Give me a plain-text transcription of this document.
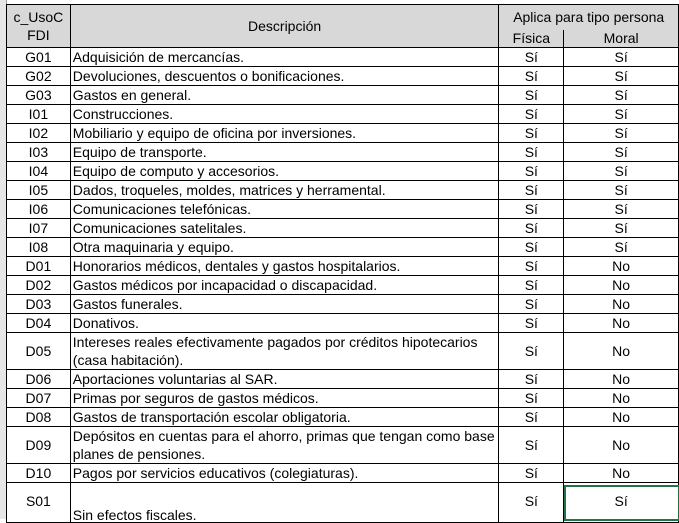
c_UsoC
FDI	Descripción	Aplica para tipo persona	
		Física	Moral
G01	Adquisición de mercancías.	Sí	Sí
G02	Devoluciones, descuentos o bonificaciones.	Sí	Sí
G03	Gastos en general.	Sí	Sí
I01	Construcciones.	Sí	Sí
I02	Mobiliario y equipo de oficina por inversiones.	Sí	Sí
I03	Equipo de transporte.	Sí	Sí
I04	Equipo de computo y accesorios.	Sí	Sí
I05	Dados, troqueles, moldes, matrices y herramental.	Sí	Sí
I06	Comunicaciones telefónicas.	Sí	Sí
I07	Comunicaciones satelitales.	Sí	Sí
I08	Otra maquinaria y equipo.	Sí	Sí
D01	Honorarios médicos, dentales y gastos hospitalarios.	Sí	No
D02	Gastos médicos por incapacidad o discapacidad.	Sí	No
D03	Gastos funerales.	Sí	No
D04	Donativos.	Sí	No
D05	Intereses reales efectivamente pagados por créditos hipotecarios (casa habitación).	Sí	No
D06	Aportaciones voluntarias al SAR.	Sí	No
D07	Primas por seguros de gastos médicos.	Sí	No
D08	Gastos de transportación escolar obligatoria.	Sí	No
D09	Depósitos en cuentas para el ahorro, primas que tengan como base planes de pensiones.	Sí	No
D10	Pagos por servicios educativos (colegiaturas).	Sí	No
S01	Sin efectos fiscales.	Sí	Sí
